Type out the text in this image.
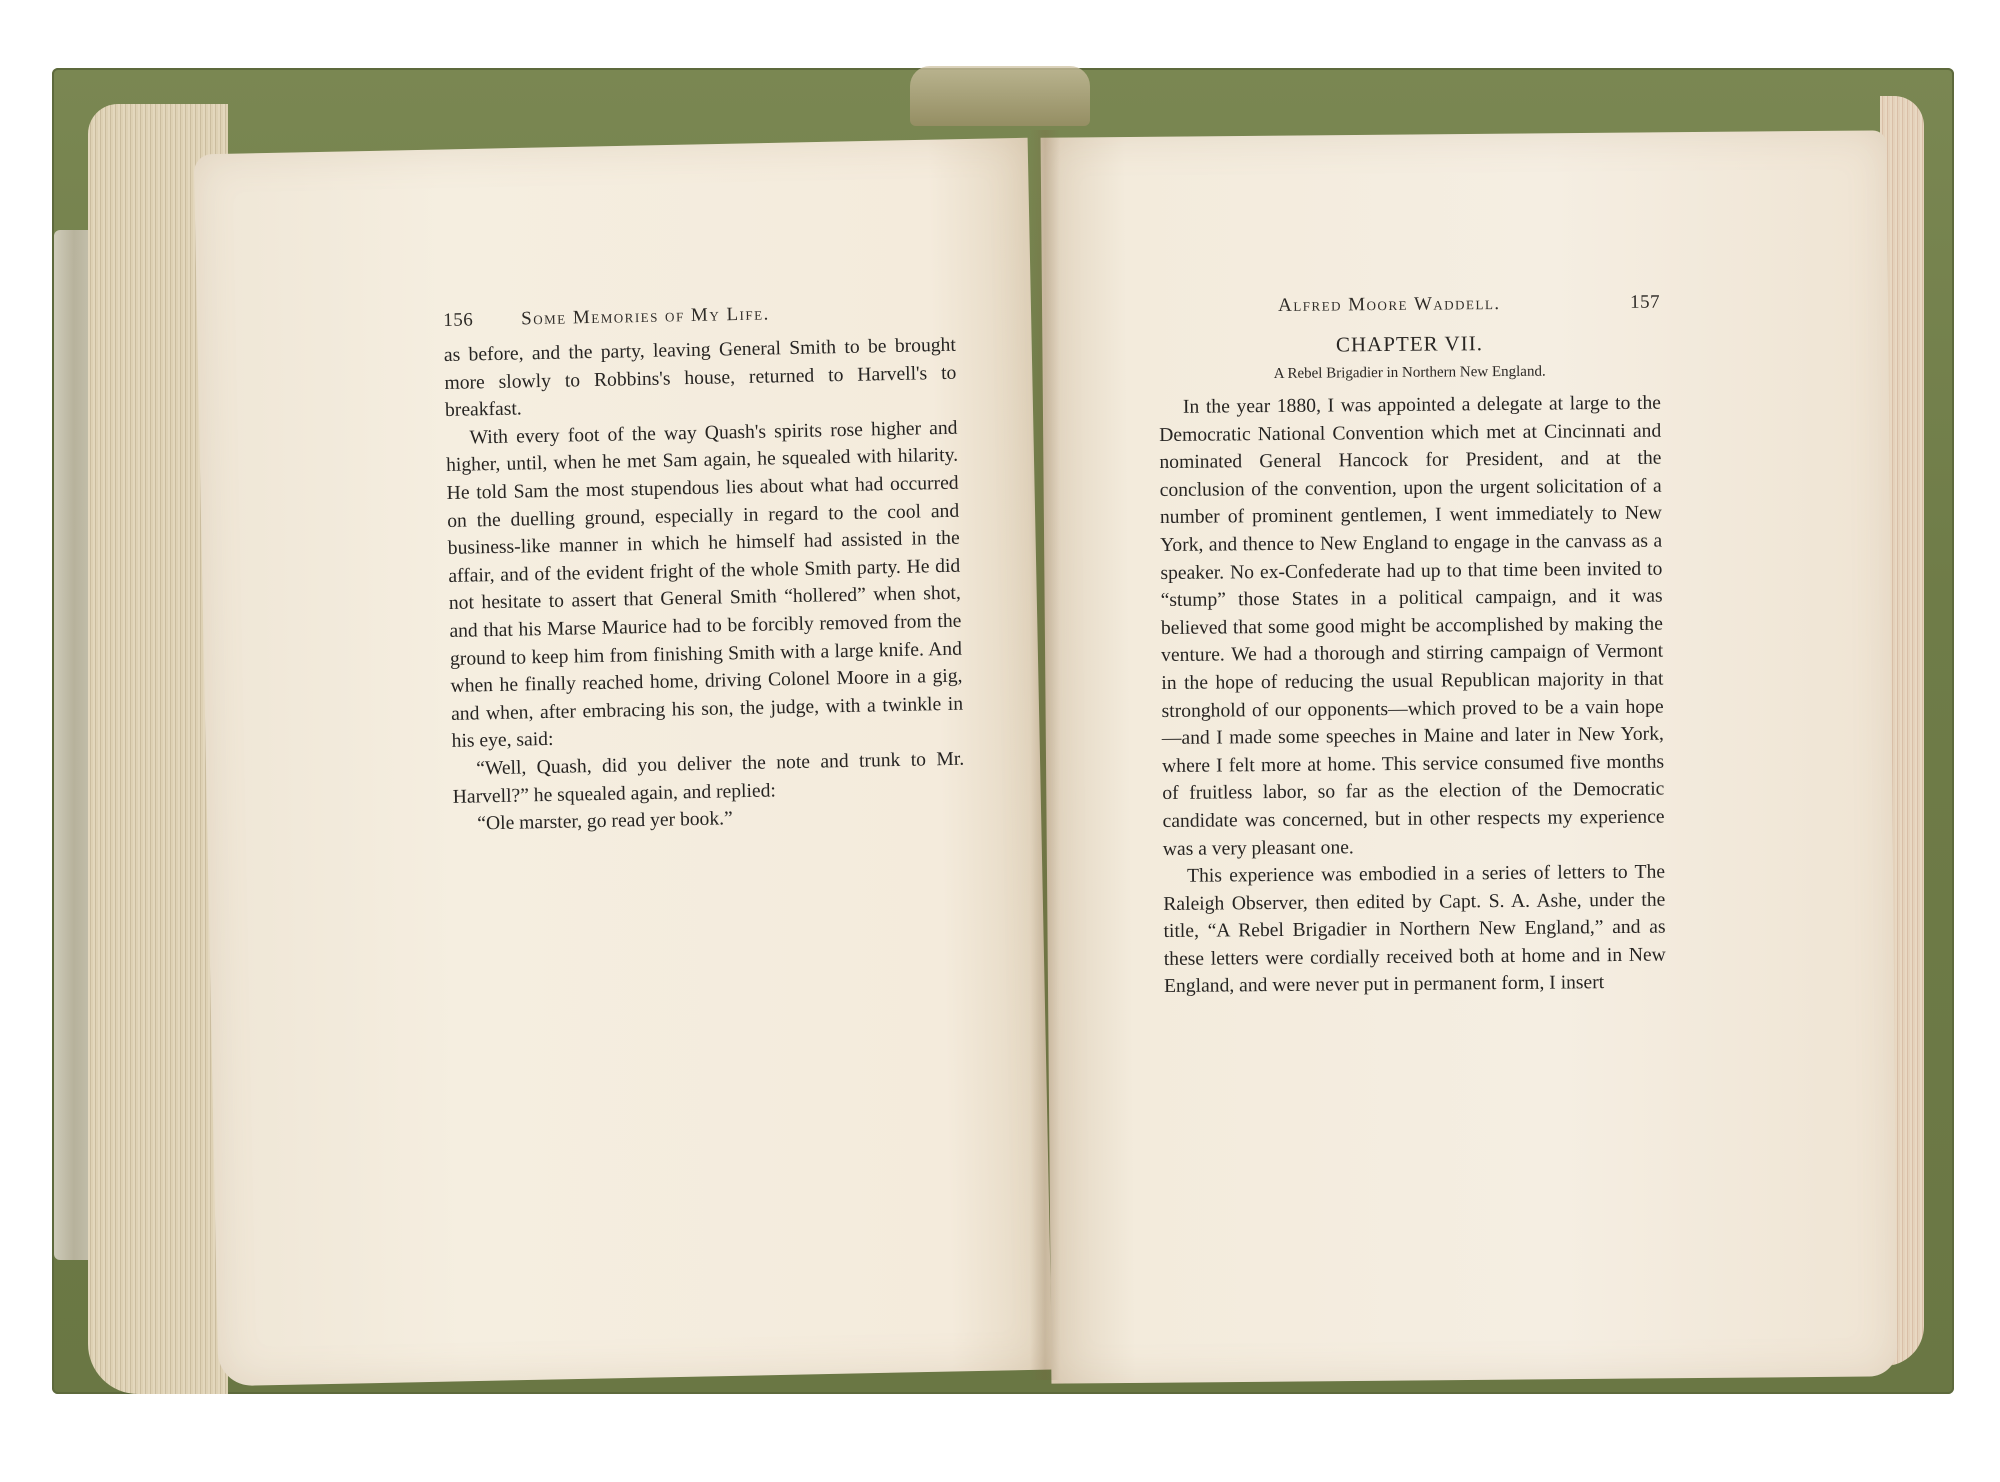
156	Some Memories of My Life.

as before, and the party, leaving General Smith to be brought more slowly to Robbins's house, returned to Harvell's to breakfast.

With every foot of the way Quash's spirits rose higher and higher, until, when he met Sam again, he squealed with hilarity. He told Sam the most stupendous lies about what had occurred on the duelling ground, especially in regard to the cool and business-like manner in which he himself had assisted in the affair, and of the evident fright of the whole Smith party. He did not hesitate to assert that General Smith “hollered” when shot, and that his Marse Maurice had to be forcibly removed from the ground to keep him from finishing Smith with a large knife. And when he finally reached home, driving Colonel Moore in a gig, and when, after embracing his son, the judge, with a twinkle in his eye, said:

“Well, Quash, did you deliver the note and trunk to Mr. Harvell?” he squealed again, and replied:

“Ole marster, go read yer book.”

Alfred Moore Waddell.	157
CHAPTER VII.
A Rebel Brigadier in Northern New England.

In the year 1880, I was appointed a delegate at large to the Democratic National Convention which met at Cincinnati and nominated General Hancock for President, and at the conclusion of the convention, upon the urgent solicitation of a number of prominent gentlemen, I went immediately to New York, and thence to New England to engage in the canvass as a speaker. No ex-Confederate had up to that time been invited to “stump” those States in a political campaign, and it was believed that some good might be accomplished by making the venture. We had a thorough and stirring campaign of Vermont in the hope of reducing the usual Republican majority in that stronghold of our opponents—which proved to be a vain hope—and I made some speeches in Maine and later in New York, where I felt more at home. This service consumed five months of fruitless labor, so far as the election of the Democratic candidate was concerned, but in other respects my experience was a very pleasant one.

This experience was embodied in a series of letters to The Raleigh Observer, then edited by Capt. S. A. Ashe, under the title, “A Rebel Brigadier in Northern New England,” and as these letters were cordially received both at home and in New England, and were never put in permanent form, I insert
